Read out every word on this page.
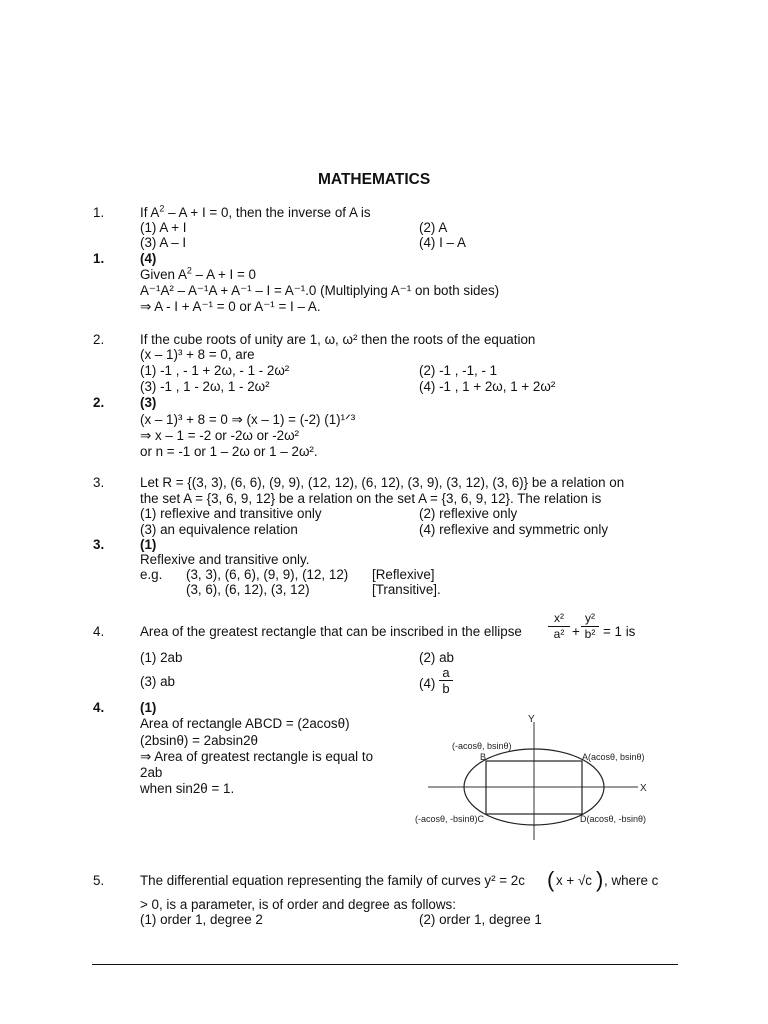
MATHEMATICS
1.	If $A^2 - A + I = 0$, then the inverse of A is
(1) A + I	(2) A
(3) A – I	(4) I – A
1.	(4)
Given $A^2 - A + I = 0$
A⁻¹A² – A⁻¹A + A⁻¹ – I = A⁻¹.0 (Multiplying A⁻¹ on both sides)
⇒ A - I + A⁻¹ = 0 or A⁻¹ = I – A.
2.	If the cube roots of unity are 1, ω, ω² then the roots of the equation
(x – 1)³ + 8 = 0, are
(1) -1 , - 1 + 2ω, - 1 - 2ω²	(2) -1 , -1, - 1
(3) -1 , 1 - 2ω, 1 - 2ω²	(4) -1 , 1 + 2ω, 1 + 2ω²
2.	(3)
(x – 1)³ + 8 = 0 ⇒ (x – 1) = (-2) (1)¹ᐟ³
⇒ x – 1 = -2 or -2ω or -2ω²
or n = -1 or 1 – 2ω or 1 – 2ω².
3.	Let R = {(3, 3), (6, 6), (9, 9), (12, 12), (6, 12), (3, 9), (3, 12), (3, 6)} be a relation on
the set A = {3, 6, 9, 12} be a relation on the set A = {3, 6, 9, 12}. The relation is
(1) reflexive and transitive only	(2) reflexive only
(3) an equivalence relation	(4) reflexive and symmetric only
3.	(1)
Reflexive and transitive only.
e.g. (3, 3), (6, 6), (9, 9), (12, 12) [Reflexive]
(3, 6), (6, 12), (3, 12)	[Transitive].
4.	Area of the greatest rectangle that can be inscribed in the ellipse
x²
a² +
y²
b² = 1 is
(1) 2ab	(2) ab
(3) ab	(4)
a
b
4.	(1)
Area of rectangle ABCD = (2acosθ)
(2bsinθ) = 2absin2θ
⇒ Area of greatest rectangle is equal to
2ab
when sin2θ = 1.
Y
X
(-acosθ, bsinθ)
B	A(acosθ, bsinθ)
(-acosθ, -bsinθ)C	D(acosθ, -bsinθ)
5.	The differential equation representing the family of curves y² = 2c ( x + √c ) , where c
> 0, is a parameter, is of order and degree as follows:
(1) order 1, degree 2	(2) order 1, degree 1
